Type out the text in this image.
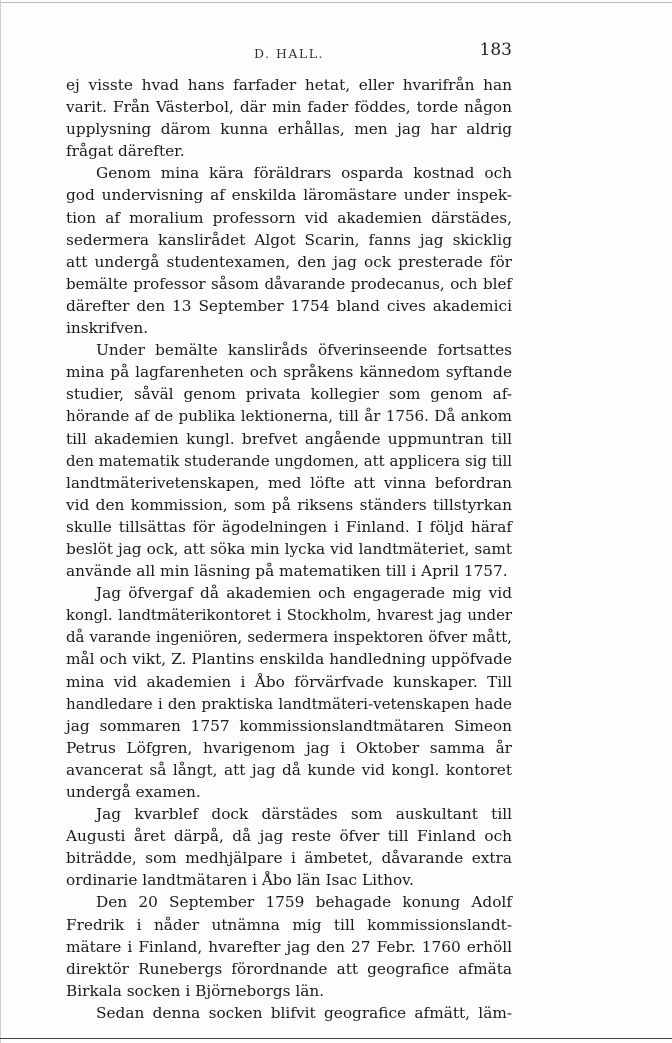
D. HALL.	183
ej visste hvad hans farfader hetat, eller hvarifrån han
varit. Från Västerbol, där min fader föddes, torde någon
upplysning därom kunna erhållas, men jag har aldrig
frågat därefter.
Genom mina kära föräldrars osparda kostnad och
god undervisning af enskilda läromästare under inspek-
tion af moralium professorn vid akademien därstädes,
sedermera kanslirådet Algot Scarin, fanns jag skicklig
att undergå studentexamen, den jag ock presterade för
bemälte professor såsom dåvarande prodecanus, och blef
därefter den 13 September 1754 bland cives akademici
inskrifven.
Under bemälte kansliråds öfverinseende fortsattes
mina på lagfarenheten och språkens kännedom syftande
studier, såväl genom privata kollegier som genom af-
hörande af de publika lektionerna, till år 1756. Då ankom
till akademien kungl. brefvet angående uppmuntran till
den matematik studerande ungdomen, att applicera sig till
landtmäterivetenskapen, med löfte att vinna befordran
vid den kommission, som på riksens ständers tillstyrkan
skulle tillsättas för ägodelningen i Finland. I följd häraf
beslöt jag ock, att söka min lycka vid landtmäteriet, samt
använde all min läsning på matematiken till i April 1757.
Jag öfvergaf då akademien och engagerade mig vid
kongl. landtmäterikontoret i Stockholm, hvarest jag under
då varande ingeniören, sedermera inspektoren öfver mått,
mål och vikt, Z. Plantins enskilda handledning uppöfvade
mina vid akademien i Åbo förvärfvade kunskaper. Till
handledare i den praktiska landtmäteri-vetenskapen hade
jag sommaren 1757 kommissionslandtmätaren Simeon
Petrus Löfgren, hvarigenom jag i Oktober samma år
avancerat så långt, att jag då kunde vid kongl. kontoret
undergå examen.
Jag kvarblef dock därstädes som auskultant till
Augusti året därpå, då jag reste öfver till Finland och
biträdde, som medhjälpare i ämbetet, dåvarande extra
ordinarie landtmätaren i Åbo län Isac Lithov.
Den 20 September 1759 behagade konung Adolf
Fredrik i nåder utnämna mig till kommissionslandt-
mätare i Finland, hvarefter jag den 27 Febr. 1760 erhöll
direktör Runebergs förordnande att geografice afmäta
Birkala socken i Björneborgs län.
Sedan denna socken blifvit geografice afmätt, läm-
